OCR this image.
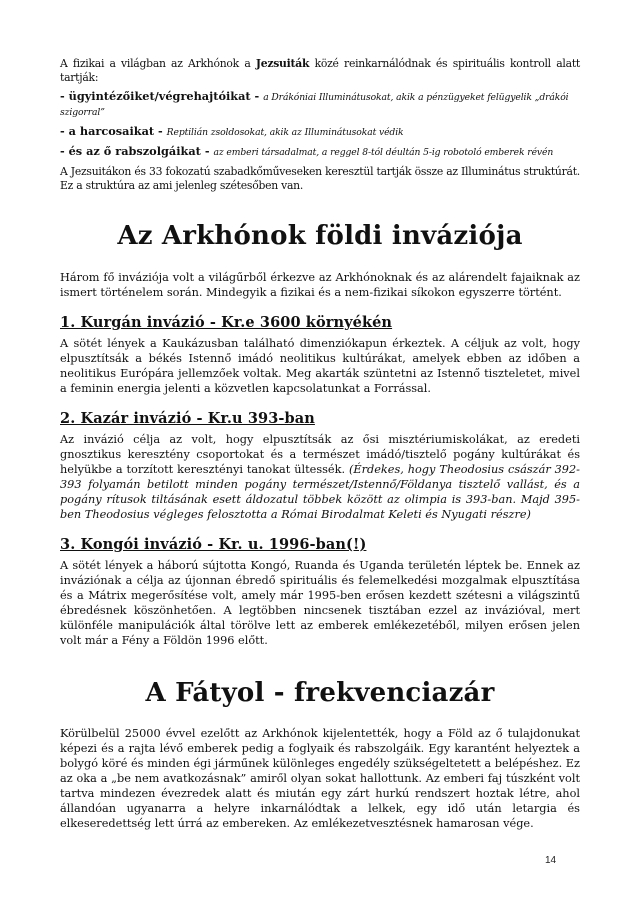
A fizikai a világban az Arkhónok a Jezsuiták közé reinkarnálódnak és spirituális kontroll alatt tartják:

- ügyintézőiket/végrehajtóikat - a Drákóniai Illuminátusokat, akik a pénzügyeket felügyelik „drákói szigorral”

- a harcosaikat - Reptilián zsoldosokat, akik az Illuminátusokat védik

- és az ő rabszolgáikat - az emberi társadalmat, a reggel 8-tól déultán 5-ig robotoló emberek révén

A Jezsuitákon és 33 fokozatú szabadkőműveseken keresztül tartják össze az Illuminátus struktúrát. Ez a struktúra az ami jelenleg szétesőben van.

Az Arkhónok földi inváziója

Három fő inváziója volt a világűrből érkezve az Arkhónoknak és az alárendelt fajaiknak az ismert történelem során. Mindegyik a fizikai és a nem-fizikai síkokon egyszerre történt.

1. Kurgán invázió - Kr.e 3600 környékén

A sötét lények a Kaukázusban található dimenziókapun érkeztek. A céljuk az volt, hogy elpusztítsák a békés Istennő imádó neolitikus kultúrákat, amelyek ebben az időben a neolitikus Európára jellemzőek voltak. Meg akarták szüntetni az Istennő tiszteletet, mivel a feminin energia jelenti a közvetlen kapcsolatunkat a Forrással.

2. Kazár invázió - Kr.u 393-ban

Az invázió célja az volt, hogy elpusztítsák az ősi misztériumiskolákat, az eredeti gnosztikus keresztény csoportokat és a természet imádó/tisztelő pogány kultúrákat és helyükbe a torzított keresztényi tanokat ültessék. (Érdekes, hogy Theodosius császár 392-393 folyamán betilott minden pogány természet/Istennő/Földanya tisztelő vallást, és a pogány rítusok tiltásának esett áldozatul többek között az olimpia is 393-ban. Majd 395-ben Theodosius végleges felosztotta a Római Birodalmat Keleti és Nyugati részre)

3. Kongói invázió - Kr. u. 1996-ban(!)

A sötét lények a háború sújtotta Kongó, Ruanda és Uganda területén léptek be. Ennek az inváziónak a célja az újonnan ébredő spirituális és felemelkedési mozgalmak elpusztítása és a Mátrix megerősítése volt, amely már 1995-ben erősen kezdett szétesni a világszintű ébredésnek köszönhetően. A legtöbben nincsenek tisztában ezzel az invázióval, mert különféle manipulációk által törölve lett az emberek emlékezetéből, milyen erősen jelen volt már a Fény a Földön 1996 előtt.

A Fátyol - frekvenciazár

Körülbelül 25000 évvel ezelőtt az Arkhónok kijelentették, hogy a Föld az ő tulajdonukat képezi és a rajta lévő emberek pedig a foglyaik és rabszolgáik. Egy karantént helyeztek a bolygó köré és minden égi járműnek különleges engedély szükségeltetett a belépéshez. Ez az oka a „be nem avatkozásnak” amiről olyan sokat hallottunk. Az emberi faj túszként volt tartva mindezen évezredek alatt és miután egy zárt hurkú rendszert hoztak létre, ahol állandóan ugyanarra a helyre inkarnálódtak a lelkek, egy idő után letargia és elkeseredettség lett úrrá az embereken. Az emlékezetvesztésnek hamarosan vége.

14
